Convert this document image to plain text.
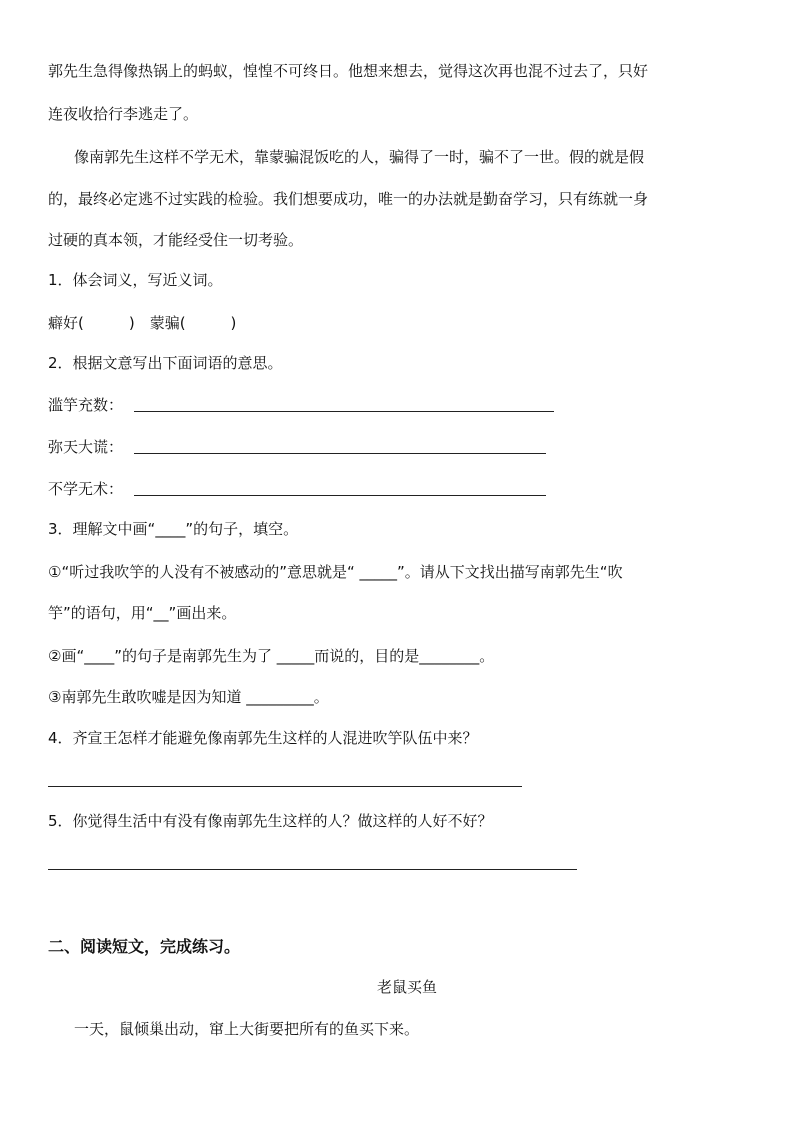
郭先生急得像热锅上的蚂蚁，惶惶不可终日。他想来想去，觉得这次再也混不过去了，只好
连夜收拾行李逃走了。
像南郭先生这样不学无术，靠蒙骗混饭吃的人，骗得了一时，骗不了一世。假的就是假
的，最终必定逃不过实践的检验。我们想要成功，唯一的办法就是勤奋学习，只有练就一身
过硬的真本领，才能经受住一切考验。
1．体会词义，写近义词。
癖好(　　　)　蒙骗(　　　)
2．根据文意写出下面词语的意思。
滥竽充数：
弥天大谎：
不学无术：
3．理解文中画“____”的句子，填空。
①“听过我吹竽的人没有不被感动的”意思就是“ _____”。请从下文找出描写南郭先生“吹
竽”的语句，用“__”画出来。
②画“____”的句子是南郭先生为了 _____而说的，目的是________。
③南郭先生敢吹嘘是因为知道 _________。
4．齐宣王怎样才能避免像南郭先生这样的人混进吹竽队伍中来？
5．你觉得生活中有没有像南郭先生这样的人？做这样的人好不好？
二、阅读短文，完成练习。
老鼠买鱼
一天，鼠倾巢出动，窜上大街要把所有的鱼买下来。
